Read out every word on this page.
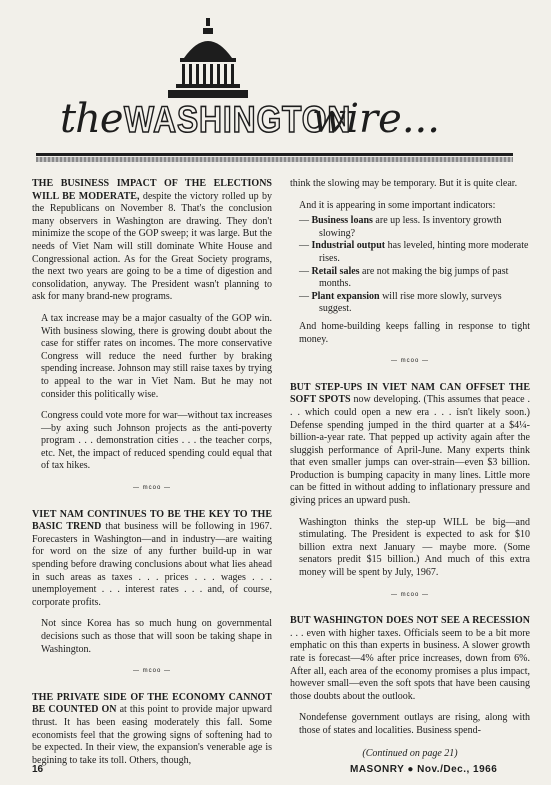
the WASHINGTON
wire...

THE BUSINESS IMPACT OF THE ELECTIONS WILL BE MODERATE, despite the victory rolled up by the Republicans on November 8. That's the conclusion many observers in Washington are drawing. They don't minimize the scope of the GOP sweep; it was large. But the needs of Viet Nam will still dominate White House and Congressional action. As for the Great Society programs, the next two years are going to be a time of digestion and consolidation, anyway. The President wasn't planning to ask for many brand-new programs.

A tax increase may be a major casualty of the GOP win. With business slowing, there is growing doubt about the case for stiffer rates on incomes. The more conservative Congress will reduce the need further by braking spending increase. Johnson may still raise taxes by trying to appeal to the war in Viet Nam. But he may not consider this politically wise.

Congress could vote more for war—without tax increases—by axing such Johnson projects as the anti-poverty program . . . demonstration cities . . . the teacher corps, etc. Net, the impact of reduced spending could equal that of tax hikes.

— mcoo —

VIET NAM CONTINUES TO BE THE KEY TO THE BASIC TREND that business will be following in 1967. Forecasters in Washington—and in industry—are waiting for word on the size of any further build-up in war spending before drawing conclusions about what lies ahead in such areas as taxes . . . prices . . . wages . . . unemployement . . . interest rates . . . and, of course, corporate profits.

Not since Korea has so much hung on governmental decisions such as those that will soon be taking shape in Washington.

— mcoo —

THE PRIVATE SIDE OF THE ECONOMY CANNOT BE COUNTED ON at this point to provide major upward thrust. It has been easing moderately this fall. Some economists feel that the growing signs of softening had to be expected. In their view, the expansion's venerable age is begining to take its toll. Others, though,

think the slowing may be temporary. But it is quite clear.

And it is appearing in some important indicators:

— Business loans are up less. Is inventory growth slowing?
— Industrial output has leveled, hinting more moderate rises.
— Retail sales are not making the big jumps of past months.
— Plant expansion will rise more slowly, surveys suggest.

And home-building keeps falling in response to tight money.

— mcoo —

BUT STEP-UPS IN VIET NAM CAN OFFSET THE SOFT SPOTS now developing. (This assumes that peace . . . which could open a new era . . . isn't likely soon.) Defense spending jumped in the third quarter at a $4¼-billion-a-year rate. That pepped up activity again after the sluggish performance of April-June. Many experts think that even smaller jumps can over-strain—even $3 billion. Production is bumping capacity in many lines. Little more can be fitted in without adding to inflationary pressure and giving prices an upward push.

Washington thinks the step-up WILL be big—and stimulating. The President is expected to ask for $10 billion extra next January — maybe more. (Some senators predit $15 billion.) And much of this extra money will be spent by July, 1967.

— mcoo —

BUT WASHINGTON DOES NOT SEE A RECESSION . . . even with higher taxes. Officials seem to be a bit more emphatic on this than experts in business. A slower growth rate is forecast—4% after price increases, down from 6%. After all, each area of the economy promises a plus impact, however small—even the soft spots that have been causing those doubts about the outlook.

Nondefense government outlays are rising, along with those of states and localities. Business spend-

(Continued on page 21)
16	MASONRY ● Nov./Dec., 1966
